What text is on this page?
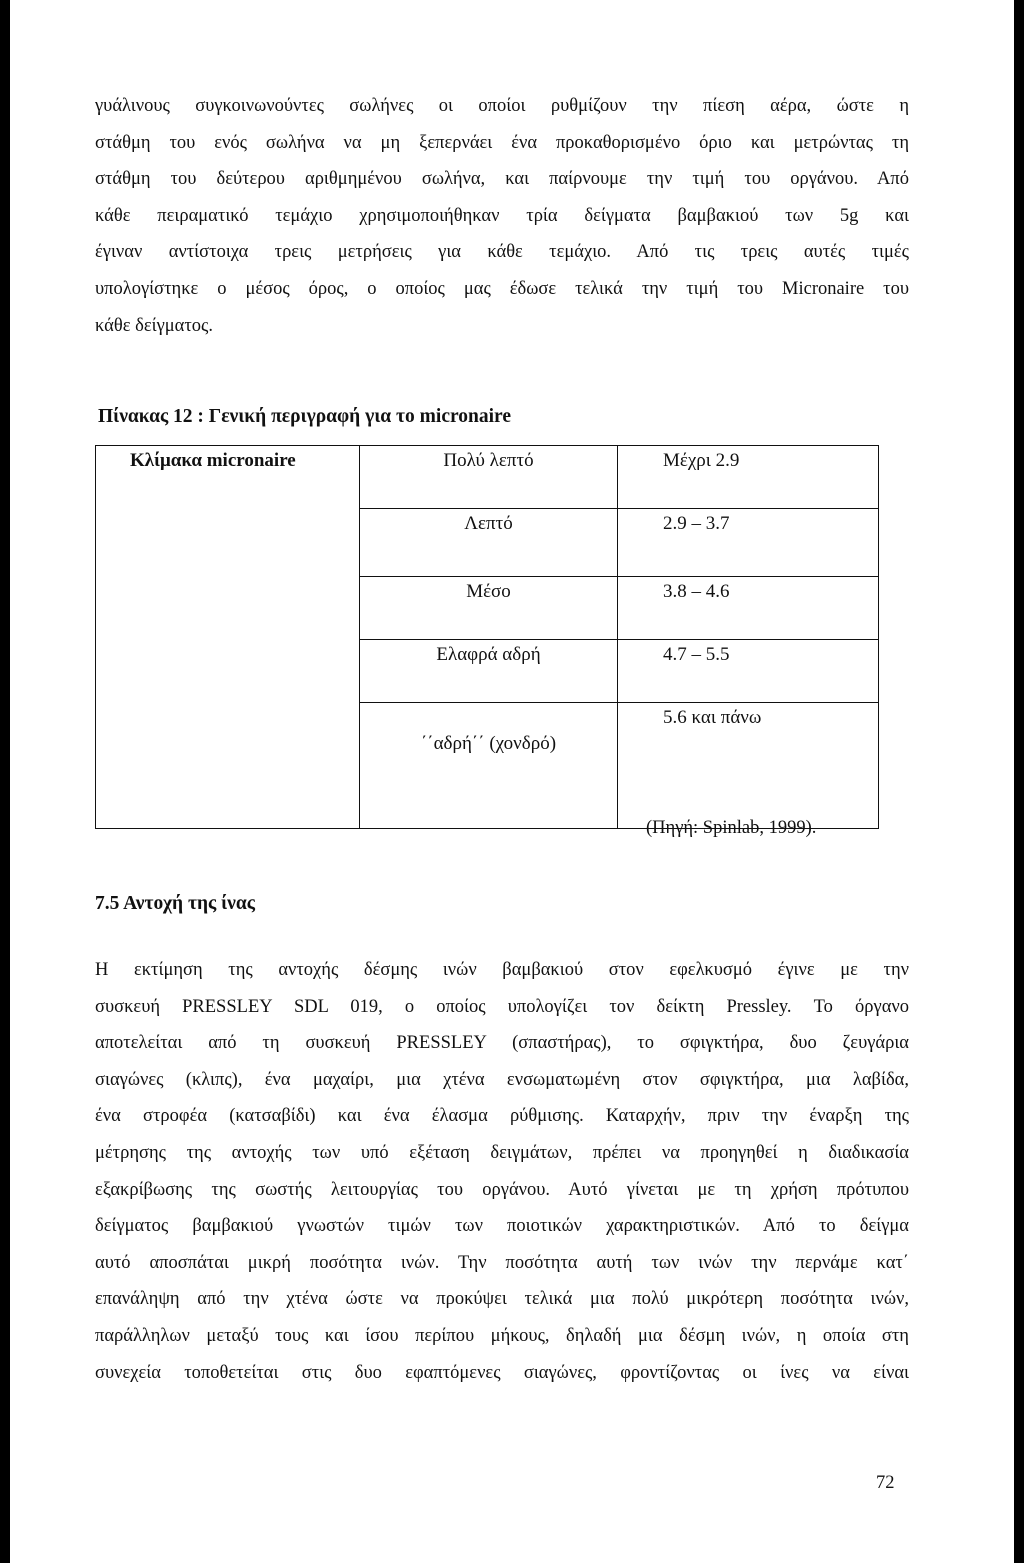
γυάλινους συγκοινωνούντες σωλήνες οι οποίοι ρυθμίζουν την πίεση αέρα, ώστε η
στάθμη του ενός σωλήνα να μη ξεπερνάει ένα προκαθορισμένο όριο και μετρώντας τη
στάθμη του δεύτερου αριθμημένου σωλήνα, και παίρνουμε την τιμή του οργάνου. Από
κάθε πειραματικό τεμάχιο χρησιμοποιήθηκαν τρία δείγματα βαμβακιού των 5g και
έγιναν αντίστοιχα τρεις μετρήσεις για κάθε τεμάχιο. Από τις τρεις αυτές τιμές
υπολογίστηκε ο μέσος όρος, ο οποίος μας έδωσε τελικά την τιμή του Micronaire του
κάθε δείγματος.
Πίνακας 12 : Γενική περιγραφή για το micronaire
Κλίμακα micronaire	Πολύ λεπτό	Μέχρι 2.9

	Λεπτό	2.9 – 3.7

	Μέσο	3.8 – 4.6

	Ελαφρά αδρή	4.7 – 5.5

	΄΄αδρή΄΄ (χονδρό)	5.6 και πάνω
(Πηγή: Spinlab, 1999).
7.5 Αντοχή της ίνας
Η εκτίμηση της αντοχής δέσμης ινών βαμβακιού στον εφελκυσμό έγινε με την
συσκευή PRESSLEY SDL 019, ο οποίος υπολογίζει τον δείκτη Pressley. Το όργανο
αποτελείται από τη συσκευή PRESSLEY (σπαστήρας), το σφιγκτήρα, δυο ζευγάρια
σιαγώνες (κλιπς), ένα μαχαίρι, μια χτένα ενσωματωμένη στον σφιγκτήρα, μια λαβίδα,
ένα στροφέα (κατσαβίδι) και ένα έλασμα ρύθμισης. Καταρχήν, πριν την έναρξη της
μέτρησης της αντοχής των υπό εξέταση δειγμάτων, πρέπει να προηγηθεί η διαδικασία
εξακρίβωσης της σωστής λειτουργίας του οργάνου. Αυτό γίνεται με τη χρήση πρότυπου
δείγματος βαμβακιού γνωστών τιμών των ποιοτικών χαρακτηριστικών. Από το δείγμα
αυτό αποσπάται μικρή ποσότητα ινών. Την ποσότητα αυτή των ινών την περνάμε κατ΄
επανάληψη από την χτένα ώστε να προκύψει τελικά μια πολύ μικρότερη ποσότητα ινών,
παράλληλων μεταξύ τους και ίσου περίπου μήκους, δηλαδή μια δέσμη ινών, η οποία στη
συνεχεία τοποθετείται στις δυο εφαπτόμενες σιαγώνες, φροντίζοντας οι ίνες να είναι
72
